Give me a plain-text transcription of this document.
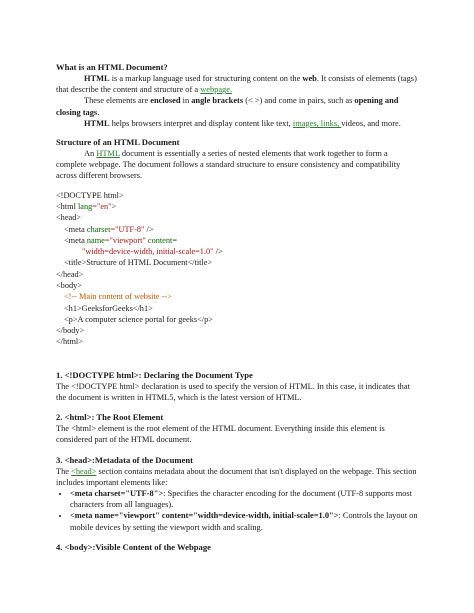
What is an HTML Document?

HTML is a markup language used for structuring content on the web. It consists of elements (tags) that describe the content and structure of a webpage.

These elements are enclosed in angle brackets (< >) and come in pairs, such as opening and closing tags.

HTML helps browsers interpret and display content like text, images, links, videos, and more.

Structure of an HTML Document

An HTML document is essentially a series of nested elements that work together to form a complete webpage. The document follows a standard structure to ensure consistency and compatibility across different browsers.

<!DOCTYPE html>
<html lang="en">
<head>
<meta charset="UTF-8" />
<meta name="viewport" content=
"width=device-width, initial-scale=1.0" />
<title>Structure of HTML Document</title>
</head>
<body>
<!-- Main content of website -->
<h1>GeeksforGeeks</h1>
<p>A computer science portal for geeks</p>
</body>
</html>
1. <!DOCTYPE html>: Declaring the Document Type

The <!DOCTYPE html> declaration is used to specify the version of HTML. In this case, it indicates that the document is written in HTML5, which is the latest version of HTML.

2. <html>: The Root Element

The <html> element is the root element of the HTML document. Everything inside this element is considered part of the HTML document.

3. <head>:Metadata of the Document

The <head> section contains metadata about the document that isn't displayed on the webpage. This section includes important elements like:

• <meta charset="UTF-8">: Specifies the character encoding for the document (UTF-8 supports most characters from all languages).
• <meta name="viewport" content="width=device-width, initial-scale=1.0">: Controls the layout on mobile devices by setting the viewport width and scaling.
4. <body>:Visible Content of the Webpage
